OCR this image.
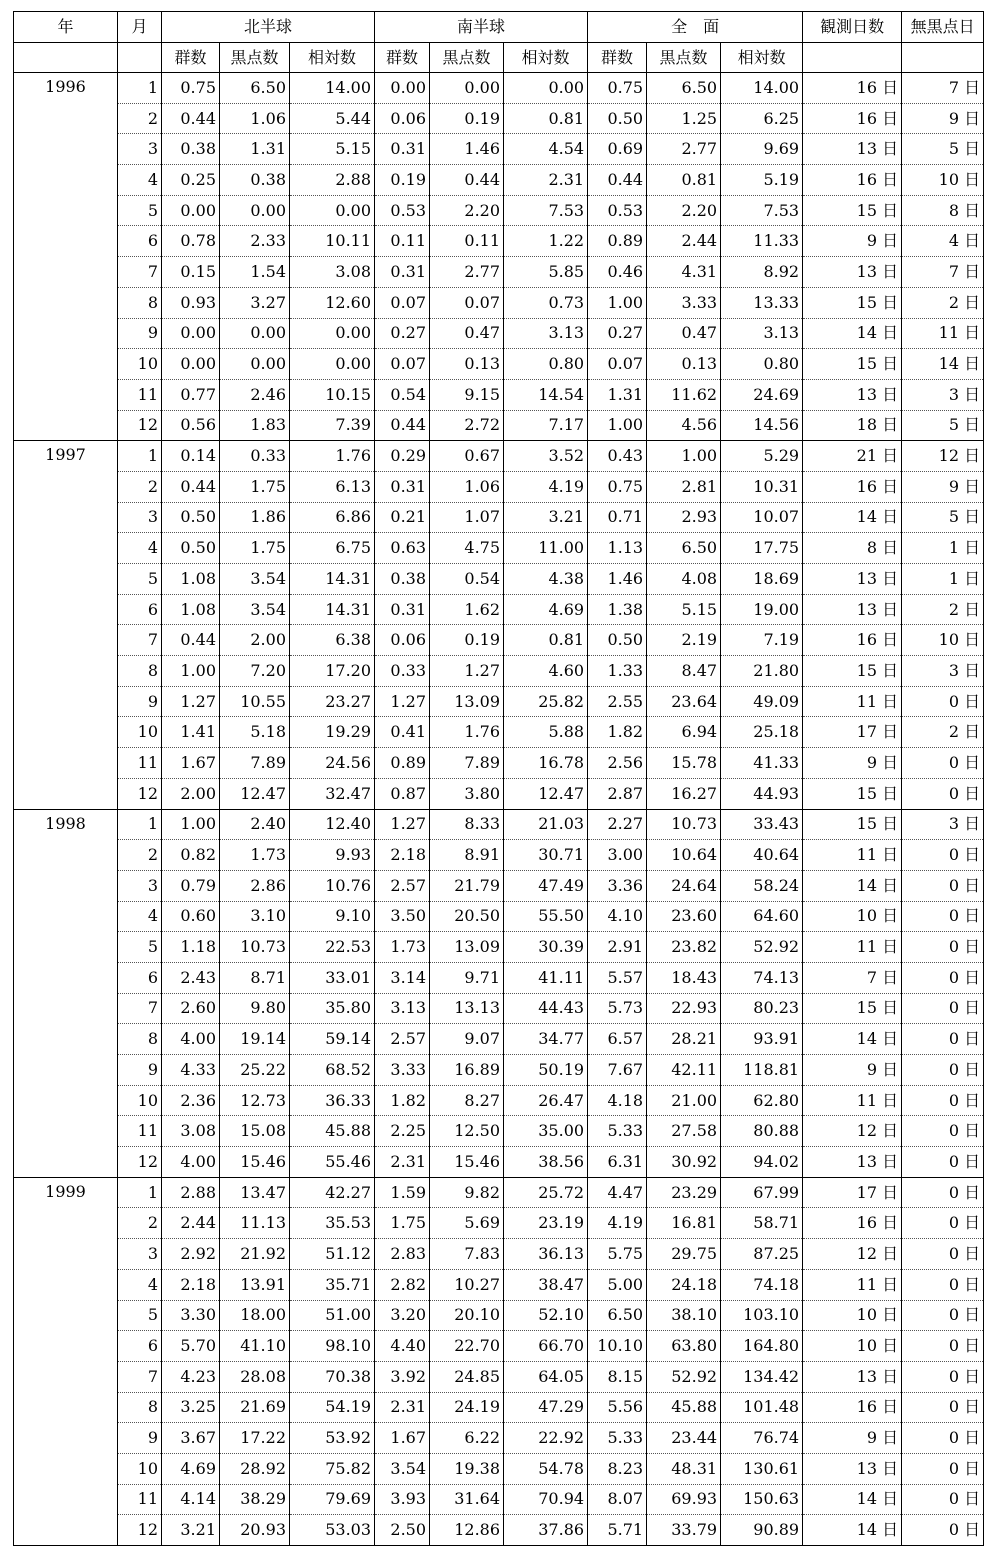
年	月	北半球			南半球			全　面			観測日数	無黒点日
		群数	黒点数	相対数	群数	黒点数	相対数	群数	黒点数	相対数		
1996	1	0.75	6.50	14.00	0.00	0.00	0.00	0.75	6.50	14.00	16 日	7 日
	2	0.44	1.06	5.44	0.06	0.19	0.81	0.50	1.25	6.25	16 日	9 日
	3	0.38	1.31	5.15	0.31	1.46	4.54	0.69	2.77	9.69	13 日	5 日
	4	0.25	0.38	2.88	0.19	0.44	2.31	0.44	0.81	5.19	16 日	10 日
	5	0.00	0.00	0.00	0.53	2.20	7.53	0.53	2.20	7.53	15 日	8 日
	6	0.78	2.33	10.11	0.11	0.11	1.22	0.89	2.44	11.33	9 日	4 日
	7	0.15	1.54	3.08	0.31	2.77	5.85	0.46	4.31	8.92	13 日	7 日
	8	0.93	3.27	12.60	0.07	0.07	0.73	1.00	3.33	13.33	15 日	2 日
	9	0.00	0.00	0.00	0.27	0.47	3.13	0.27	0.47	3.13	14 日	11 日
	10	0.00	0.00	0.00	0.07	0.13	0.80	0.07	0.13	0.80	15 日	14 日
	11	0.77	2.46	10.15	0.54	9.15	14.54	1.31	11.62	24.69	13 日	3 日
	12	0.56	1.83	7.39	0.44	2.72	7.17	1.00	4.56	14.56	18 日	5 日
1997	1	0.14	0.33	1.76	0.29	0.67	3.52	0.43	1.00	5.29	21 日	12 日
	2	0.44	1.75	6.13	0.31	1.06	4.19	0.75	2.81	10.31	16 日	9 日
	3	0.50	1.86	6.86	0.21	1.07	3.21	0.71	2.93	10.07	14 日	5 日
	4	0.50	1.75	6.75	0.63	4.75	11.00	1.13	6.50	17.75	8 日	1 日
	5	1.08	3.54	14.31	0.38	0.54	4.38	1.46	4.08	18.69	13 日	1 日
	6	1.08	3.54	14.31	0.31	1.62	4.69	1.38	5.15	19.00	13 日	2 日
	7	0.44	2.00	6.38	0.06	0.19	0.81	0.50	2.19	7.19	16 日	10 日
	8	1.00	7.20	17.20	0.33	1.27	4.60	1.33	8.47	21.80	15 日	3 日
	9	1.27	10.55	23.27	1.27	13.09	25.82	2.55	23.64	49.09	11 日	0 日
	10	1.41	5.18	19.29	0.41	1.76	5.88	1.82	6.94	25.18	17 日	2 日
	11	1.67	7.89	24.56	0.89	7.89	16.78	2.56	15.78	41.33	9 日	0 日
	12	2.00	12.47	32.47	0.87	3.80	12.47	2.87	16.27	44.93	15 日	0 日
1998	1	1.00	2.40	12.40	1.27	8.33	21.03	2.27	10.73	33.43	15 日	3 日
	2	0.82	1.73	9.93	2.18	8.91	30.71	3.00	10.64	40.64	11 日	0 日
	3	0.79	2.86	10.76	2.57	21.79	47.49	3.36	24.64	58.24	14 日	0 日
	4	0.60	3.10	9.10	3.50	20.50	55.50	4.10	23.60	64.60	10 日	0 日
	5	1.18	10.73	22.53	1.73	13.09	30.39	2.91	23.82	52.92	11 日	0 日
	6	2.43	8.71	33.01	3.14	9.71	41.11	5.57	18.43	74.13	7 日	0 日
	7	2.60	9.80	35.80	3.13	13.13	44.43	5.73	22.93	80.23	15 日	0 日
	8	4.00	19.14	59.14	2.57	9.07	34.77	6.57	28.21	93.91	14 日	0 日
	9	4.33	25.22	68.52	3.33	16.89	50.19	7.67	42.11	118.81	9 日	0 日
	10	2.36	12.73	36.33	1.82	8.27	26.47	4.18	21.00	62.80	11 日	0 日
	11	3.08	15.08	45.88	2.25	12.50	35.00	5.33	27.58	80.88	12 日	0 日
	12	4.00	15.46	55.46	2.31	15.46	38.56	6.31	30.92	94.02	13 日	0 日
1999	1	2.88	13.47	42.27	1.59	9.82	25.72	4.47	23.29	67.99	17 日	0 日
	2	2.44	11.13	35.53	1.75	5.69	23.19	4.19	16.81	58.71	16 日	0 日
	3	2.92	21.92	51.12	2.83	7.83	36.13	5.75	29.75	87.25	12 日	0 日
	4	2.18	13.91	35.71	2.82	10.27	38.47	5.00	24.18	74.18	11 日	0 日
	5	3.30	18.00	51.00	3.20	20.10	52.10	6.50	38.10	103.10	10 日	0 日
	6	5.70	41.10	98.10	4.40	22.70	66.70	10.10	63.80	164.80	10 日	0 日
	7	4.23	28.08	70.38	3.92	24.85	64.05	8.15	52.92	134.42	13 日	0 日
	8	3.25	21.69	54.19	2.31	24.19	47.29	5.56	45.88	101.48	16 日	0 日
	9	3.67	17.22	53.92	1.67	6.22	22.92	5.33	23.44	76.74	9 日	0 日
	10	4.69	28.92	75.82	3.54	19.38	54.78	8.23	48.31	130.61	13 日	0 日
	11	4.14	38.29	79.69	3.93	31.64	70.94	8.07	69.93	150.63	14 日	0 日
	12	3.21	20.93	53.03	2.50	12.86	37.86	5.71	33.79	90.89	14 日	0 日
